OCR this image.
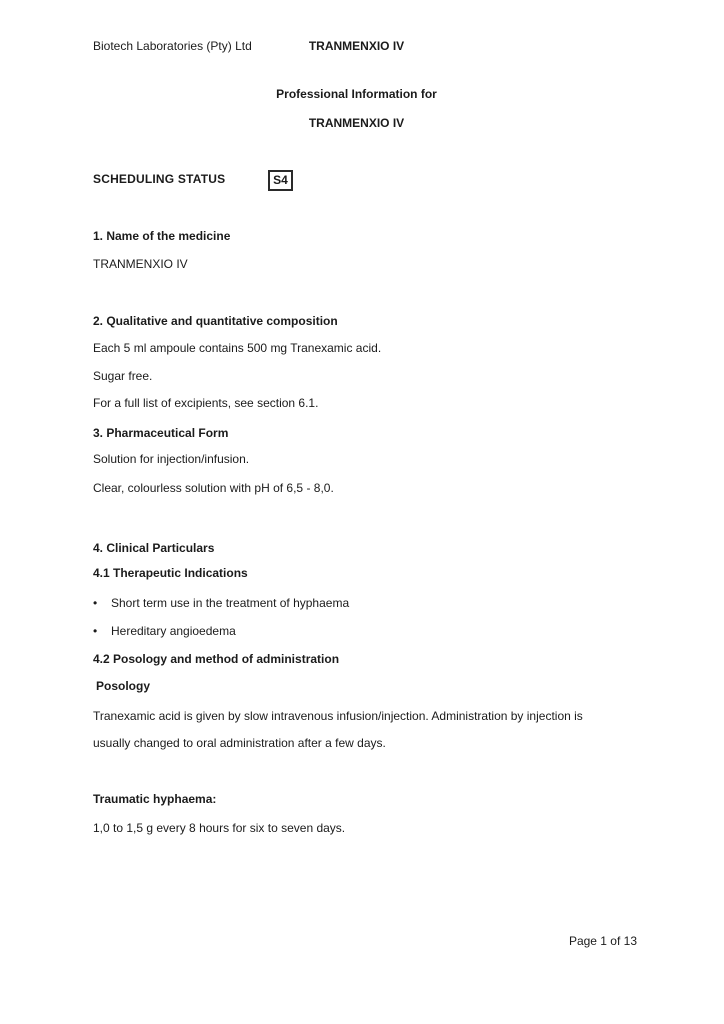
Biotech Laboratories (Pty) Ltd	TRANMENXIO IV
Professional Information for
TRANMENXIO IV
SCHEDULING STATUS	S4
1. Name of the medicine
TRANMENXIO IV
2. Qualitative and quantitative composition
Each 5 ml ampoule contains 500 mg Tranexamic acid.
Sugar free.
For a full list of excipients, see section 6.1.
3. Pharmaceutical Form
Solution for injection/infusion.
Clear, colourless solution with pH of 6,5 - 8,0.
4. Clinical Particulars
4.1 Therapeutic Indications
•
Short term use in the treatment of hyphaema
•
Hereditary angioedema
4.2 Posology and method of administration
Posology
Tranexamic acid is given by slow intravenous infusion/injection. Administration by injection is
usually changed to oral administration after a few days.
Traumatic hyphaema:
1,0 to 1,5 g every 8 hours for six to seven days.
Page 1 of 13
